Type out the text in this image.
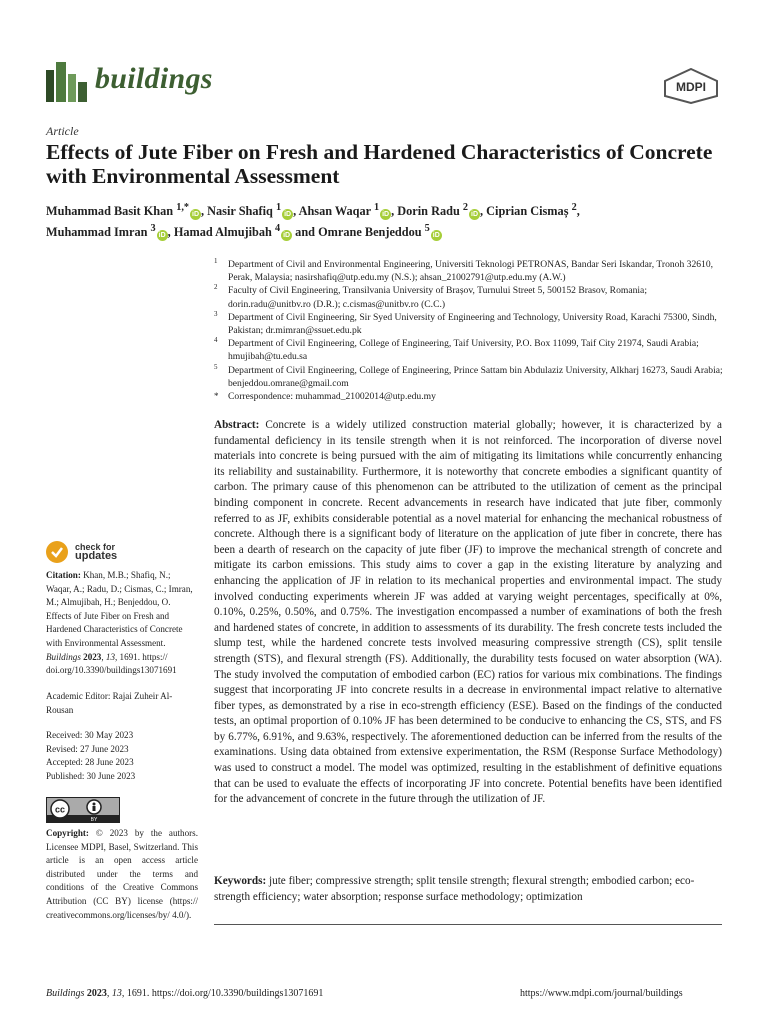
buildings	MDPI
Article
Effects of Jute Fiber on Fresh and Hardened Characteristics of Concrete with Environmental Assessment
Muhammad Basit Khan $^{1,*}$iD , Nasir Shafiq $^1$iD , Ahsan Waqar $^1$iD , Dorin Radu $^2$iD , Ciprian Cismaș $^2$,
Muhammad Imran $^3$iD , Hamad Almujibah $^4$iD and Omrane Benjeddou $^5$iD
1 Department of Civil and Environmental Engineering, Universiti Teknologi PETRONAS, Bandar Seri Iskandar, Tronoh 32610, Perak, Malaysia; nasirshafiq@utp.edu.my (N.S.); ahsan_21002791@utp.edu.my (A.W.)
2 Faculty of Civil Engineering, Transilvania University of Brașov, Turnului Street 5, 500152 Brasov, Romania; dorin.radu@unitbv.ro (D.R.); c.cismas@unitbv.ro (C.C.)
3 Department of Civil Engineering, Sir Syed University of Engineering and Technology, University Road, Karachi 75300, Sindh, Pakistan; dr.mimran@ssuet.edu.pk
4 Department of Civil Engineering, College of Engineering, Taif University, P.O. Box 11099, Taif City 21974, Saudi Arabia; hmujibah@tu.edu.sa
5 Department of Civil Engineering, College of Engineering, Prince Sattam bin Abdulaziz University, Alkharj 16273, Saudi Arabia; benjeddou.omrane@gmail.com
* Correspondence: muhammad_21002014@utp.edu.my
Abstract: Concrete is a widely utilized construction material globally; however, it is characterized by a fundamental deficiency in its tensile strength when it is not reinforced. The incorporation of diverse novel materials into concrete is being pursued with the aim of mitigating its limitations while concurrently enhancing its reliability and sustainability. Furthermore, it is noteworthy that concrete embodies a significant quantity of carbon. The primary cause of this phenomenon can be attributed to the utilization of cement as the principal binding component in concrete. Recent advancements in research have indicated that jute fiber, commonly referred to as JF, exhibits considerable potential as a novel material for enhancing the mechanical robustness of concrete. Although there is a significant body of literature on the application of jute fiber in concrete, there has been a dearth of research on the capacity of jute fiber (JF) to improve the mechanical strength of concrete and mitigate its carbon emissions. This study aims to cover a gap in the existing literature by analyzing and enhancing the application of JF in relation to its mechanical properties and environmental impact. The study involved conducting experiments wherein JF was added at varying weight percentages, specifically at 0%, 0.10%, 0.25%, 0.50%, and 0.75%. The investigation encompassed a number of examinations of both the fresh and hardened states of concrete, in addition to assessments of its durability. The fresh concrete tests included the slump test, while the hardened concrete tests involved measuring compressive strength (CS), split tensile strength (STS), and flexural strength (FS). Additionally, the durability tests focused on water absorption (WA). The study involved the computation of embodied carbon (EC) ratios for various mix combinations. The findings suggest that incorporating JF into concrete results in a decrease in environmental impact relative to alternative fiber types, as demonstrated by a rise in eco-strength efficiency (ESE). Based on the findings of the conducted tests, an optimal proportion of 0.10% JF has been determined to be conducive to enhancing the CS, STS, and FS by 6.77%, 6.91%, and 9.63%, respectively. The aforementioned deduction can be inferred from the results of the examinations. Using data obtained from extensive experimentation, the RSM (Response Surface Methodology) was used to construct a model. The model was optimized, resulting in the establishment of definitive equations that can be used to evaluate the effects of incorporating JF into concrete. Potential benefits have been identified for the advancement of concrete in the future through the utilization of JF.
Keywords: jute fiber; compressive strength; split tensile strength; flexural strength; embodied carbon; eco-strength efficiency; water absorption; response surface methodology; optimization
check for
updates
Citation: Khan, M.B.; Shafiq, N.; Waqar, A.; Radu, D.; Cismas, C.; Imran, M.; Almujibah, H.; Benjeddou, O. Effects of Jute Fiber on Fresh and Hardened Characteristics of Concrete with Environmental Assessment. Buildings 2023, 13, 1691. https:// doi.org/10.3390/buildings13071691
Academic Editor: Rajai Zuheir Al-Rousan
Received: 30 May 2023
Revised: 27 June 2023
Accepted: 28 June 2023
Published: 30 June 2023
cc
BY
Copyright: © 2023 by the authors. Licensee MDPI, Basel, Switzerland. This article is an open access article distributed under the terms and conditions of the Creative Commons Attribution (CC BY) license (https:// creativecommons.org/licenses/by/ 4.0/).
Buildings 2023, 13, 1691. https://doi.org/10.3390/buildings13071691	https://www.mdpi.com/journal/buildings
